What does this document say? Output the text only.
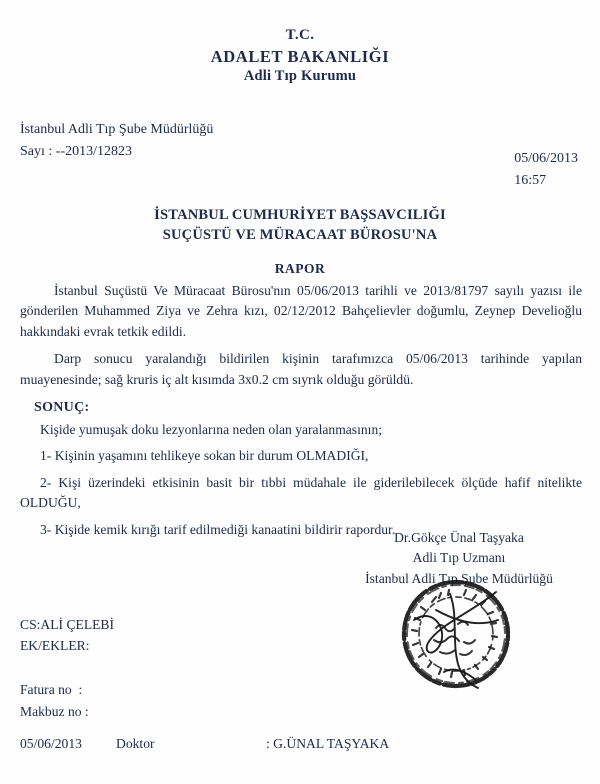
T.C.
ADALET BAKANLIĞI
Adli Tıp Kurumu
İstanbul Adli Tıp Şube Müdürlüğü
Sayı : --2013/12823	05/06/2013
16:57
İSTANBUL CUMHURİYET BAŞSAVCILIĞI
SUÇÜSTÜ VE MÜRACAAT BÜROSU'NA
RAPOR

İstanbul Suçüstü Ve Müracaat Bürosu'nın 05/06/2013 tarihli ve 2013/81797 sayılı yazısı ile gönderilen Muhammed Ziya ve Zehra kızı, 02/12/2012 Bahçelievler doğumlu, Zeynep Develioğlu hakkındaki evrak tetkik edildi.

Darp sonucu yaralandığı bildirilen kişinin tarafımızca 05/06/2013 tarihinde yapılan muayenesinde; sağ kruris iç alt kısımda 3x0.2 cm sıyrık olduğu görüldü.

SONUÇ:

Kişide yumuşak doku lezyonlarına neden olan yaralanmasının;

1- Kişinin yaşamını tehlikeye sokan bir durum OLMADIĞI,

2- Kişi üzerindeki etkisinin basit bir tıbbi müdahale ile giderilebilecek ölçüde hafif nitelikte OLDUĞU,

3- Kişide kemik kırığı tarif edilmediği kanaatini bildirir rapordur.

Dr.Gökçe Ünal Taşyaka
Adli Tıp Uzmanı
İstanbul Adli Tıp Şube Müdürlüğü
CS:ALİ ÇELEBİ
EK/EKLER:
Fatura no  :
Makbuz no :
05/06/2013	Doktor	: G.ÜNAL TAŞYAKA
